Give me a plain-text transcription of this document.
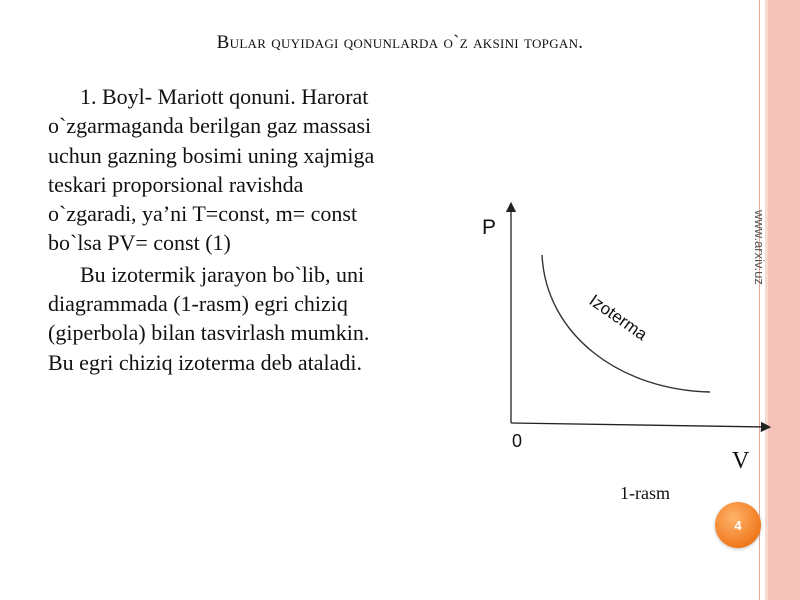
Bular quyidagi qonunlarda o`z aksini topgan.

1. Boyl- Mariott qonuni. Harorat o`zgarmaganda berilgan gaz massasi uchun gazning bosimi uning xajmiga teskari proporsional ravishda o`zgaradi, ya’ni T=const, m= const bo`lsa PV= const (1)

Bu izotermik jarayon bo`lib, uni diagrammada (1-rasm) egri chiziq (giperbola) bilan tasvirlash mumkin. Bu egri chiziq izoterma deb ataladi.

www.arxiv.uz
P
0
V
Izoterma
1-rasm
4
